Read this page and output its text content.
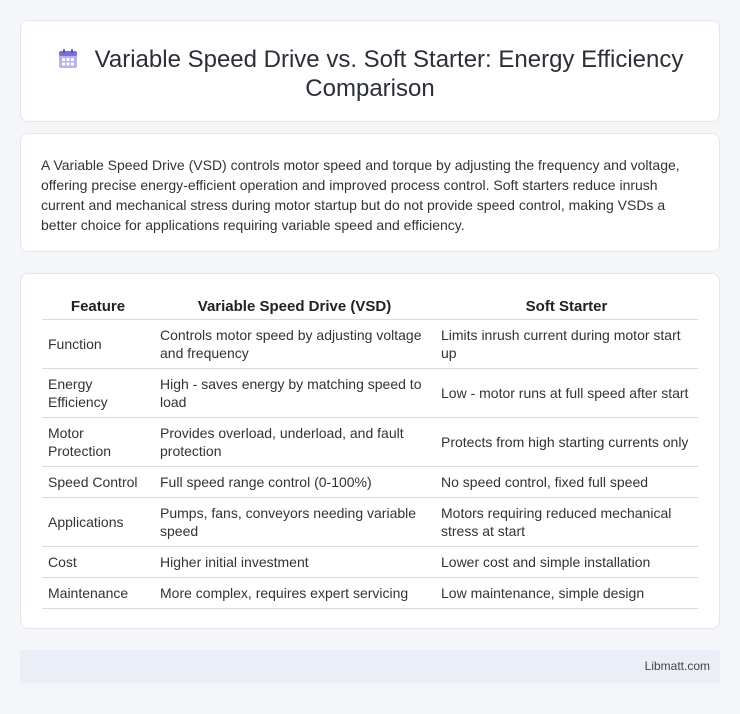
Variable Speed Drive vs. Soft Starter: Energy Efficiency
Comparison

A Variable Speed Drive (VSD) controls motor speed and torque by adjusting the frequency and voltage, offering precise energy-efficient operation and improved process control. Soft starters reduce inrush current and mechanical stress during motor startup but do not provide speed control, making VSDs a better choice for applications requiring variable speed and efficiency.

Feature	Variable Speed Drive (VSD)	Soft Starter
Function	Controls motor speed by adjusting voltage and frequency	Limits inrush current during motor start up
Energy Efficiency	High - saves energy by matching speed to load	Low - motor runs at full speed after start
Motor Protection	Provides overload, underload, and fault protection	Protects from high starting currents only
Speed Control	Full speed range control (0-100%)	No speed control, fixed full speed
Applications	Pumps, fans, conveyors needing variable speed	Motors requiring reduced mechanical stress at start
Cost	Higher initial investment	Lower cost and simple installation
Maintenance	More complex, requires expert servicing	Low maintenance, simple design
Libmatt.com
